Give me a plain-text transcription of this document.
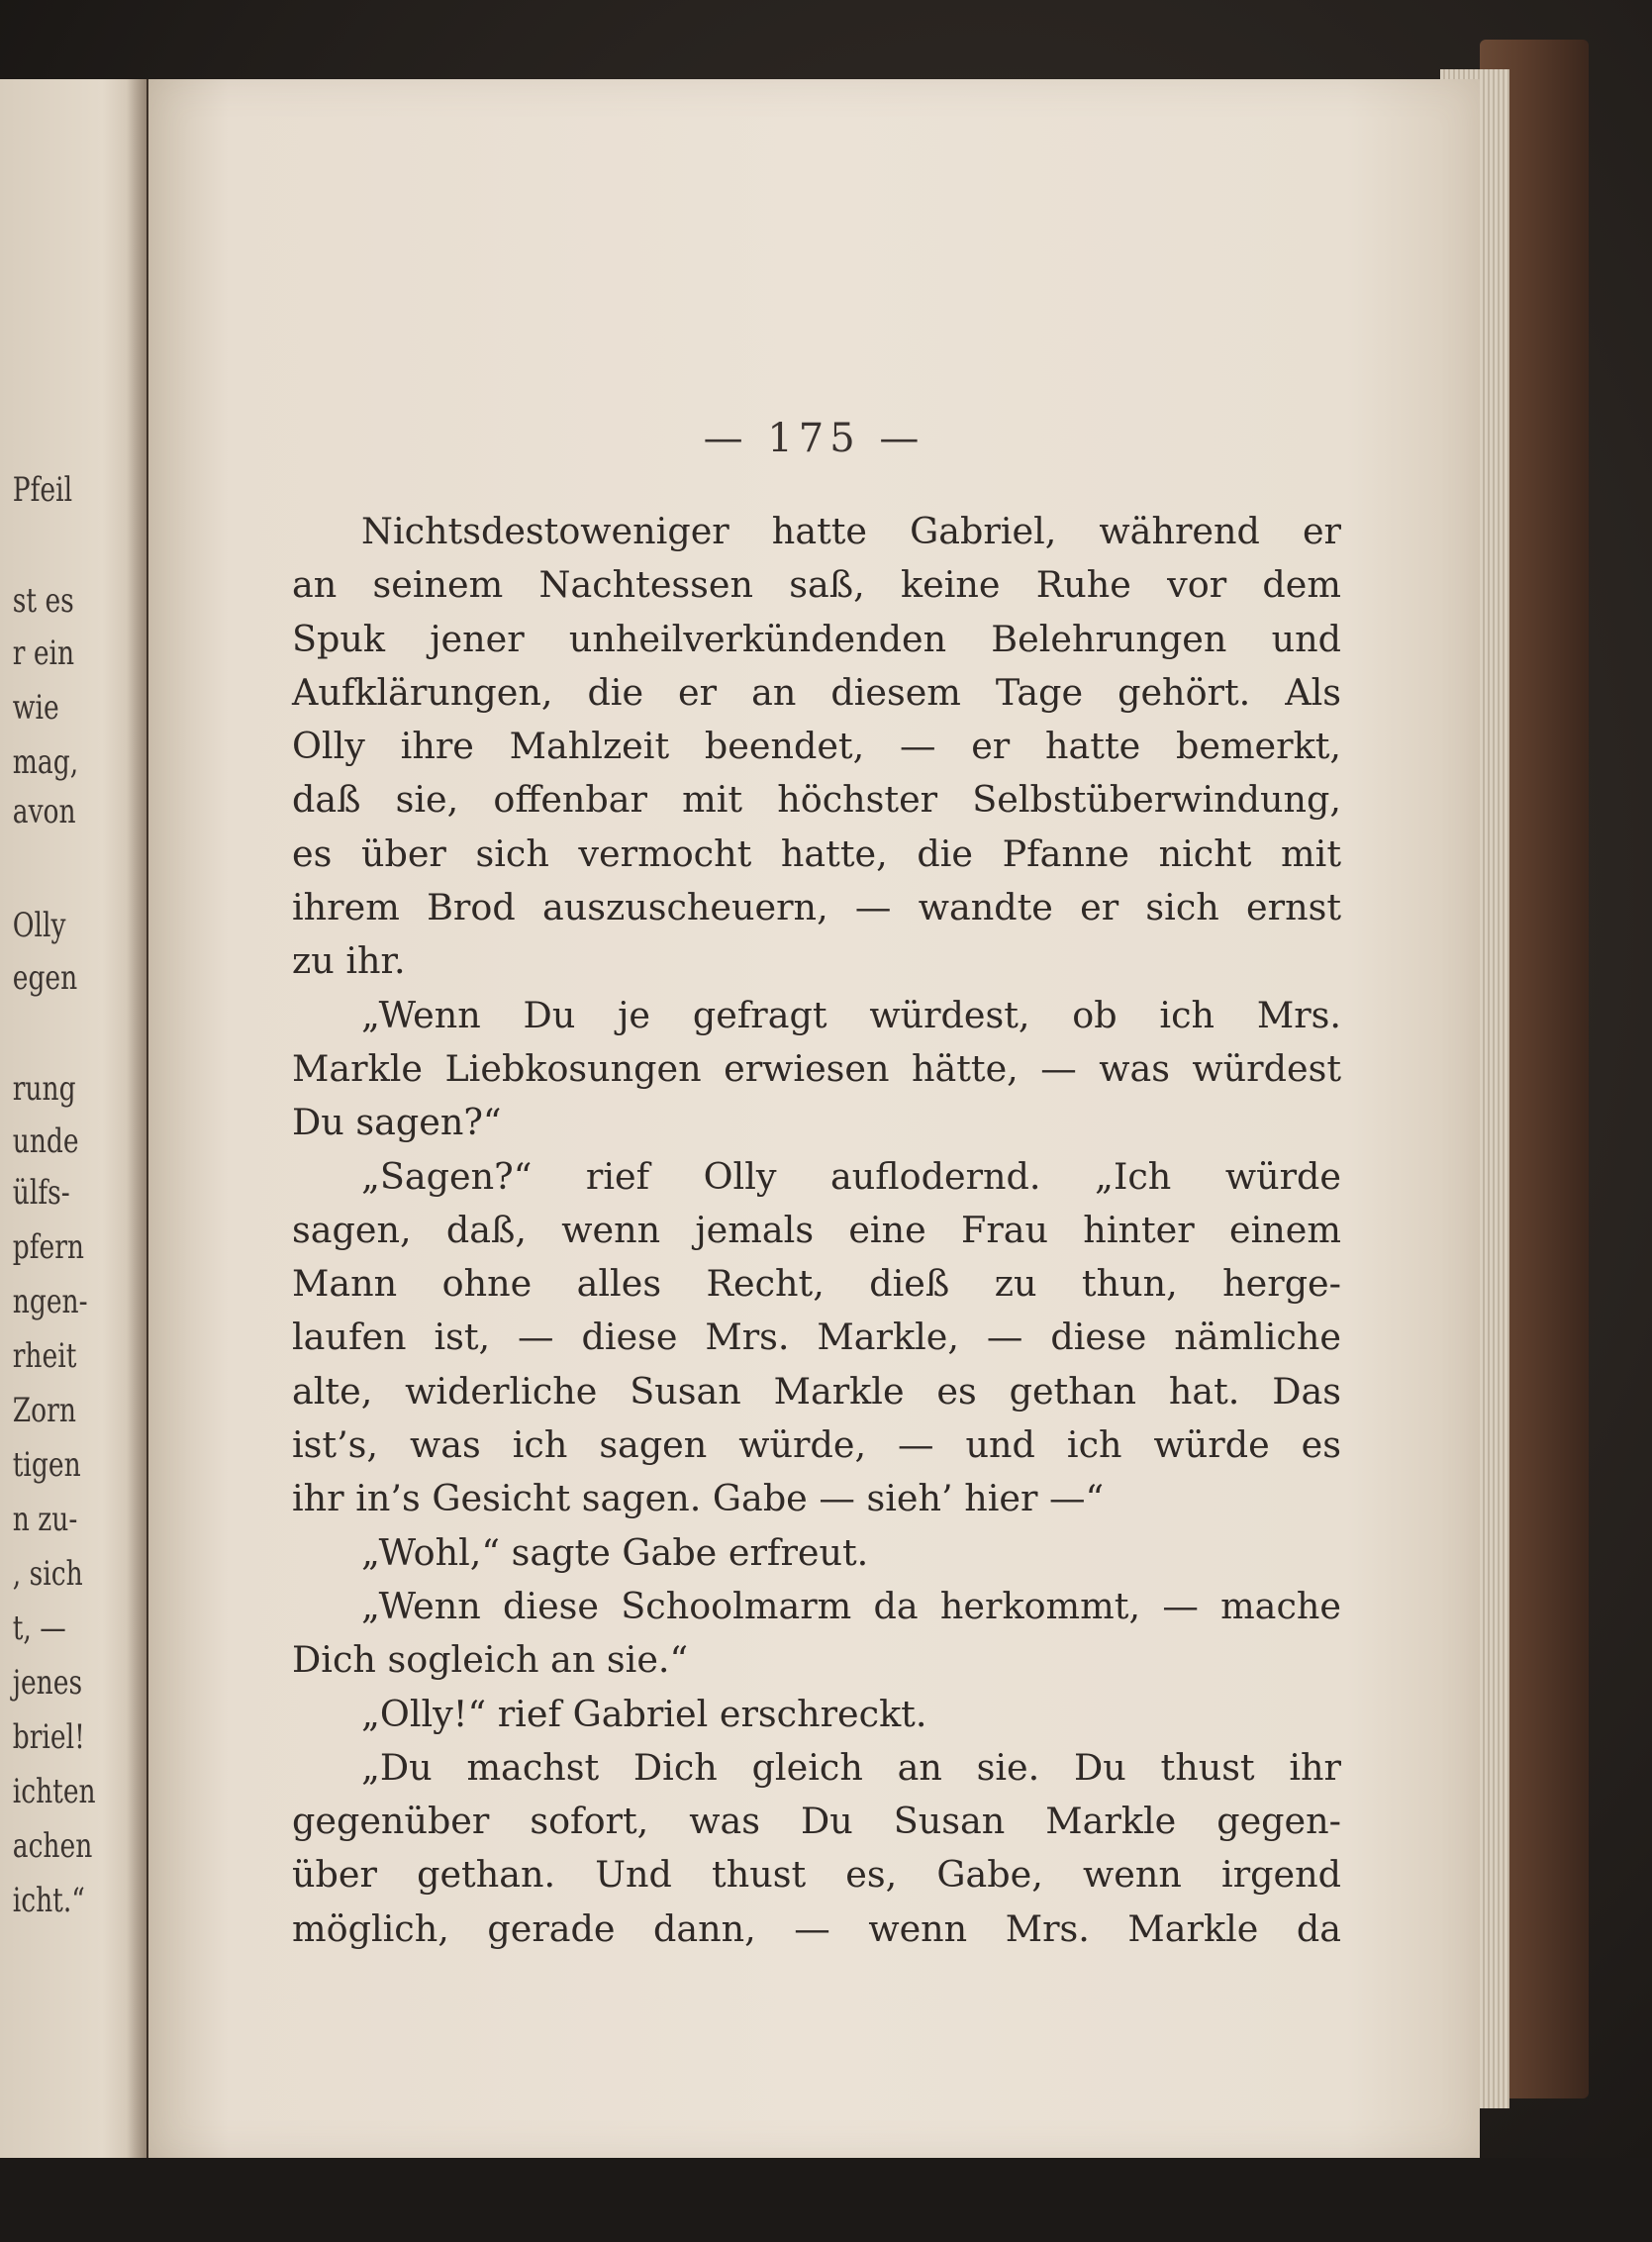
Pfeil
st es
r ein
wie
mag,
avon
Olly
egen
rung
unde
ülfs-
pfern
ngen-
rheit
Zorn
tigen
n zu-
, sich
t, —
jenes
briel!
ichten
achen
icht.“
— 175 —
Nichtsdestoweniger hatte Gabriel, während er
an seinem Nachtessen saß, keine Ruhe vor dem
Spuk jener unheilverkündenden Belehrungen und
Aufklärungen, die er an diesem Tage gehört. Als
Olly ihre Mahlzeit beendet, — er hatte bemerkt,
daß sie, offenbar mit höchster Selbstüberwindung,
es über sich vermocht hatte, die Pfanne nicht mit
ihrem Brod auszuscheuern, — wandte er sich ernst
zu ihr.
„Wenn Du je gefragt würdest, ob ich Mrs.
Markle Liebkosungen erwiesen hätte, — was würdest
Du sagen?“
„Sagen?“ rief Olly auflodernd. „Ich würde
sagen, daß, wenn jemals eine Frau hinter einem
Mann ohne alles Recht, dieß zu thun, herge-
laufen ist, — diese Mrs. Markle, — diese nämliche
alte, widerliche Susan Markle es gethan hat. Das
ist’s, was ich sagen würde, — und ich würde es
ihr in’s Gesicht sagen. Gabe — sieh’ hier —“
„Wohl,“ sagte Gabe erfreut.
„Wenn diese Schoolmarm da herkommt, — mache
Dich sogleich an sie.“
„Olly!“ rief Gabriel erschreckt.
„Du machst Dich gleich an sie. Du thust ihr
gegenüber sofort, was Du Susan Markle gegen-
über gethan. Und thust es, Gabe, wenn irgend
möglich, gerade dann, — wenn Mrs. Markle da
